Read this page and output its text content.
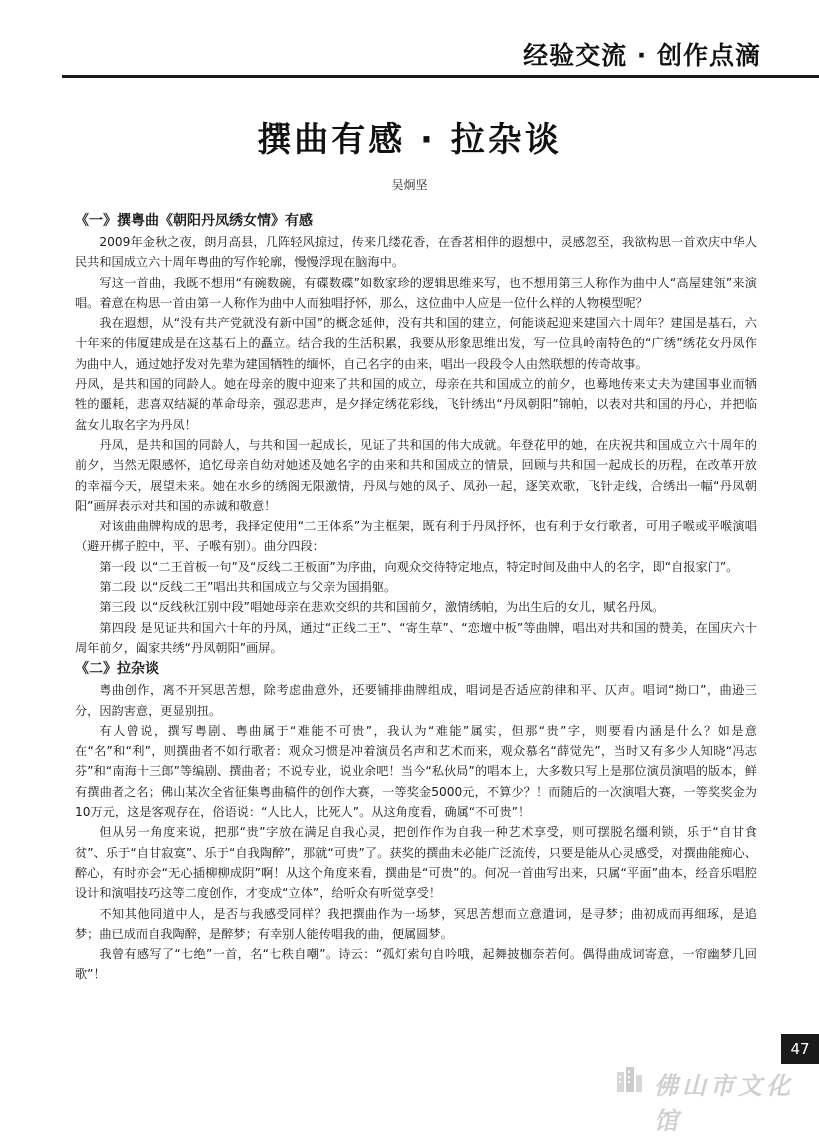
经验交流 · 创作点滴
撰曲有感 · 拉杂谈
吴炯坚
《一》撰粤曲《朝阳丹凤绣女情》有感

2009年金秋之夜，朗月高县，几阵轻风掠过，传来几缕花香，在香茗相伴的遐想中，灵感忽至，我欲构思一首欢庆中华人民共和国成立六十周年粤曲的写作轮廓，慢慢浮现在脑海中。

写这一首曲，我既不想用“有碗数碗，有碟数碟”如数家珍的逻辑思维来写，也不想用第三人称作为曲中人“高屋建瓴”来演唱。着意在构思一首由第一人称作为曲中人而独唱抒怀，那么，这位曲中人应是一位什么样的人物模型呢？

我在遐想，从“没有共产党就没有新中国”的概念延伸，没有共和国的建立，何能谈起迎来建国六十周年？建国是基石，六十年来的伟厦建成是在这基石上的矗立。结合我的生活积累，我要从形象思维出发，写一位具岭南特色的“广绣”绣花女丹凤作为曲中人，通过她抒发对先辈为建国牺牲的缅怀，自己名字的由来，唱出一段段令人由然联想的传奇故事。

丹凤，是共和国的同龄人。她在母亲的腹中迎来了共和国的成立，母亲在共和国成立的前夕，也蓦地传来丈夫为建国事业而牺牲的噩耗，悲喜双结凝的革命母亲，强忍悲声，是夕择定绣花彩线，飞针绣出“丹凤朝阳”锦帕，以表对共和国的丹心，并把临盆女儿取名字为丹凤！

丹凤，是共和国的同龄人，与共和国一起成长，见证了共和国的伟大成就。年登花甲的她，在庆祝共和国成立六十周年的前夕，当然无限感怀，追忆母亲自幼对她述及她名字的由来和共和国成立的情景，回顾与共和国一起成长的历程，在改革开放的幸福今天，展望未来。她在水乡的绣阁无限激情，丹凤与她的凤子、凤孙一起，逐笑欢歌，飞针走线，合绣出一幅“丹凤朝阳”画屏表示对共和国的赤诚和敬意！

对该曲曲牌构成的思考，我择定使用“二王体系”为主框架，既有利于丹凤抒怀，也有利于女行歌者，可用子喉或平喉演唱（避开梆子腔中，平、子喉有别）。曲分四段：

第一段 以“二王首板一句”及“反线二王板面”为序曲，向观众交待特定地点，特定时间及曲中人的名字，即“自报家门”。

第二段 以“反线二王”唱出共和国成立与父亲为国捐躯。

第三段 以“反线秋江别中段”唱她母亲在悲欢交织的共和国前夕，激情绣帕，为出生后的女儿，赋名丹凤。

第四段 是见证共和国六十年的丹凤，通过“正线二王”、“寄生草”、“恋壇中板”等曲牌，唱出对共和国的赞美，在国庆六十周年前夕，阖家共绣“丹凤朝阳”画屏。

《二》拉杂谈

粤曲创作，离不开冥思苦想，除考虑曲意外，还要铺排曲牌组成，唱词是否适应韵律和平、仄声。唱词“拗口”，曲逊三分，因韵害意，更显别扭。

有人曾说，撰写粤剧、粤曲属于“难能不可贵”，我认为“难能”属实，但那“贵”字，则要看内涵是什么？如是意在“名”和“利”，则撰曲者不如行歌者：观众习惯是冲着演员名声和艺术而来，观众慕名“薛觉先”，当时又有多少人知晓“冯志芬”和“南海十三郎”等编剧、撰曲者；不说专业，说业余吧！当今“私伙局”的唱本上，大多数只写上是那位演员演唱的版本，鲜有撰曲者之名；佛山某次全省征集粤曲稿件的创作大赛，一等奖金5000元，不算少？！而随后的一次演唱大赛，一等奖奖金为10万元，这是客观存在，俗语说：“人比人，比死人”。从这角度看，确属“不可贵”！

但从另一角度来说，把那“贵”字放在满足自我心灵，把创作作为自我一种艺术享受，则可摆脱名缰利锁，乐于“自甘食贫”、乐于“自甘寂寞”、乐于“自我陶醉”，那就“可贵”了。获奖的撰曲未必能广泛流传，只要是能从心灵感受，对撰曲能痴心、醉心，有时亦会“无心插柳柳成阴”啊！从这个角度来看，撰曲是“可贵”的。何况一首曲写出来，只属“平面”曲本，经音乐唱腔设计和演唱技巧这等二度创作，才变成“立体”，给听众有听觉享受！

不知其他同道中人，是否与我感受同样？我把撰曲作为一场梦，冥思苦想而立意遣词，是寻梦；曲初成而再细琢，是追梦；曲已成而自我陶醉，是醉梦；有幸别人能传唱我的曲，便属圆梦。

我曾有感写了“七绝”一首，名“七秩自嘲”。诗云：“孤灯索句自吟哦，起舞披枷奈若何。偶得曲成词寄意，一帘幽梦几回歌”！

47
佛山市文化馆
